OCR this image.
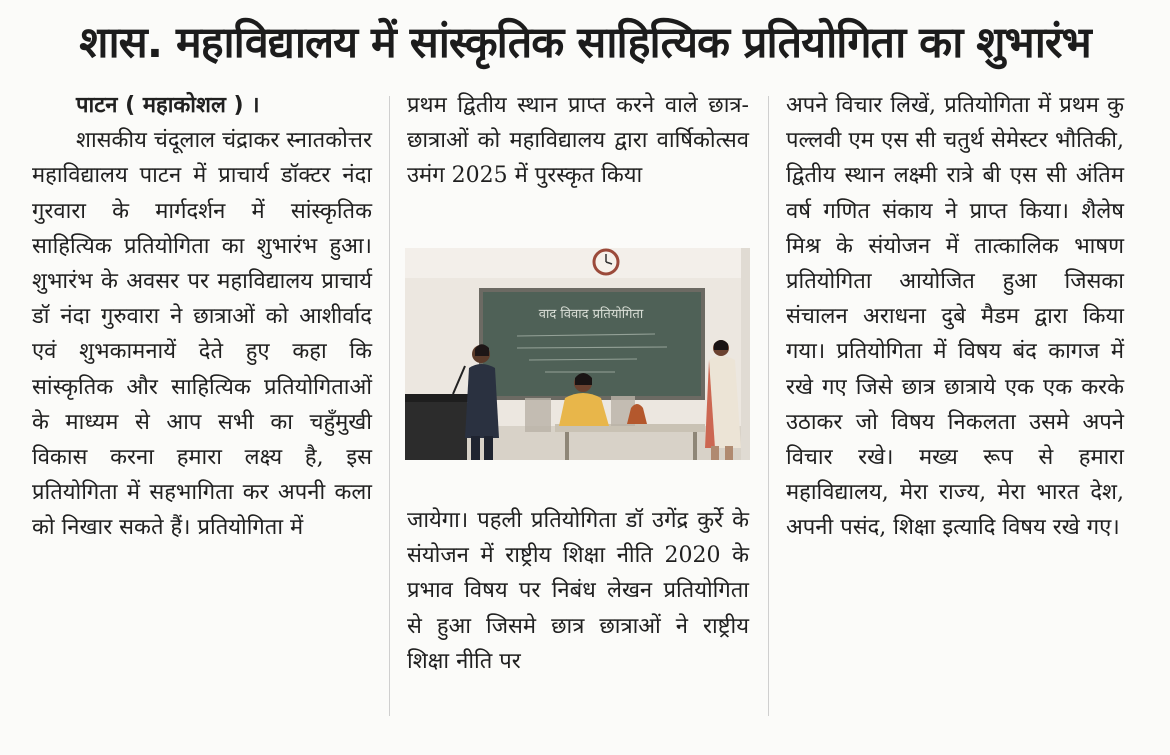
शास. महाविद्यालय में सांस्कृतिक साहित्यिक प्रतियोगिता का शुभारंभ
पाटन ( महाकोशल ) ।
शासकीय चंदूलाल चंद्राकर स्नातकोत्तर महाविद्यालय पाटन में प्राचार्य डॉक्टर नंदा गुरवारा के मार्गदर्शन में सांस्कृतिक साहित्यिक प्रतियोगिता का शुभारंभ हुआ। शुभारंभ के अवसर पर महाविद्यालय प्राचार्य डॉ नंदा गुरुवारा ने छात्राओं को आशीर्वाद एवं शुभकामनायें देते हुए कहा कि सांस्कृतिक और साहित्यिक प्रतियोगिताओं के माध्यम से आप सभी का चहुँमुखी विकास करना हमारा लक्ष्य है, इस प्रतियोगिता में सहभागिता कर अपनी कला को निखार सकते हैं। प्रतियोगिता में
प्रथम द्वितीय स्थान प्राप्त करने वाले छात्र-छात्राओं को महाविद्यालय द्वारा वार्षिकोत्सव उमंग 2025 में पुरस्कृत किया
वाद विवाद प्रतियोगिता
जायेगा। पहली प्रतियोगिता डॉ उगेंद्र कुर्रे के संयोजन में राष्ट्रीय शिक्षा नीति 2020 के प्रभाव विषय पर निबंध लेखन प्रतियोगिता से हुआ जिसमे छात्र छात्राओं ने राष्ट्रीय शिक्षा नीति पर
अपने विचार लिखें, प्रतियोगिता में प्रथम कु पल्लवी एम एस सी चतुर्थ सेमेस्टर भौतिकी, द्वितीय स्थान लक्ष्मी रात्रे बी एस सी अंतिम वर्ष गणित संकाय ने प्राप्त किया। शैलेष मिश्र के संयोजन में तात्कालिक भाषण प्रतियोगिता आयोजित हुआ जिसका संचालन अराधना दुबे मैडम द्वारा किया गया। प्रतियोगिता में विषय बंद कागज में रखे गए जिसे छात्र छात्राये एक एक करके उठाकर जो विषय निकलता उसमे अपने विचार रखे। मख्य रूप से हमारा महाविद्यालय, मेरा राज्य, मेरा भारत देश, अपनी पसंद, शिक्षा इत्यादि विषय रखे गए।
